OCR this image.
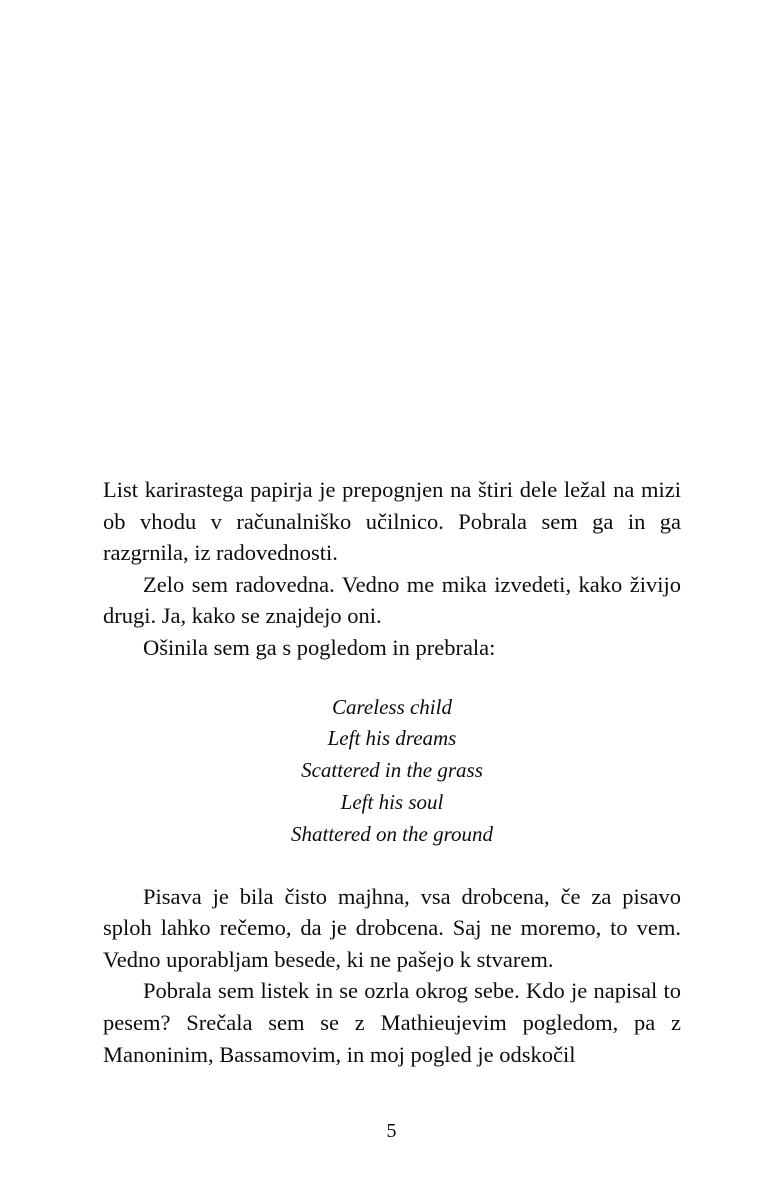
List karirastega papirja je prepognjen na štiri dele ležal na mizi ob vhodu v računalniško učilnico. Pobrala sem ga in ga razgrnila, iz radovednosti.

Zelo sem radovedna. Vedno me mika izvedeti, kako živijo drugi. Ja, kako se znajdejo oni.

Ošinila sem ga s pogledom in prebrala:

Careless child
Left his dreams
Scattered in the grass
Left his soul
Shattered on the ground

Pisava je bila čisto majhna, vsa drobcena, če za pisavo sploh lahko rečemo, da je drobcena. Saj ne moremo, to vem. Vedno uporabljam besede, ki ne pašejo k stvarem.

Pobrala sem listek in se ozrla okrog sebe. Kdo je napisal to pesem? Srečala sem se z Mathieujevim pogledom, pa z Manoninim, Bassamovim, in moj pogled je odskočil

5
